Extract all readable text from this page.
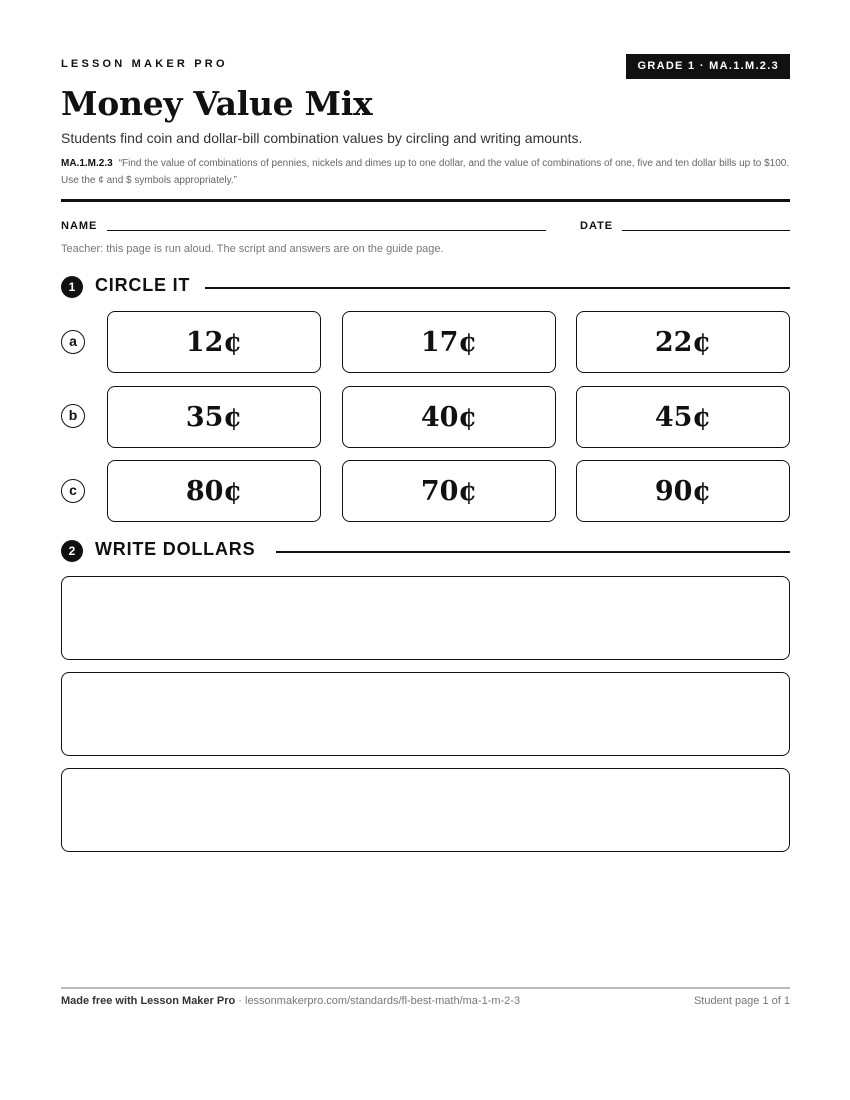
LESSON MAKER PRO	GRADE 1 · MA.1.M.2.3
Money Value Mix
Students find coin and dollar-bill combination values by circling and writing amounts.
MA.1.M.2.3 “Find the value of combinations of pennies, nickels and dimes up to one dollar, and the value of combinations of one, five and ten dollar bills up to $100. Use the ¢ and $ symbols appropriately.”
NAME	DATE
Teacher: this page is run aloud. The script and answers are on the guide page.
1	CIRCLE IT
a	12¢	17¢	22¢
b	35¢	40¢	45¢
c	80¢	70¢	90¢
2	WRITE DOLLARS
Made free with Lesson Maker Pro · lessonmakerpro.com/standards/fl-best-math/ma-1-m-2-3	Student page 1 of 1
